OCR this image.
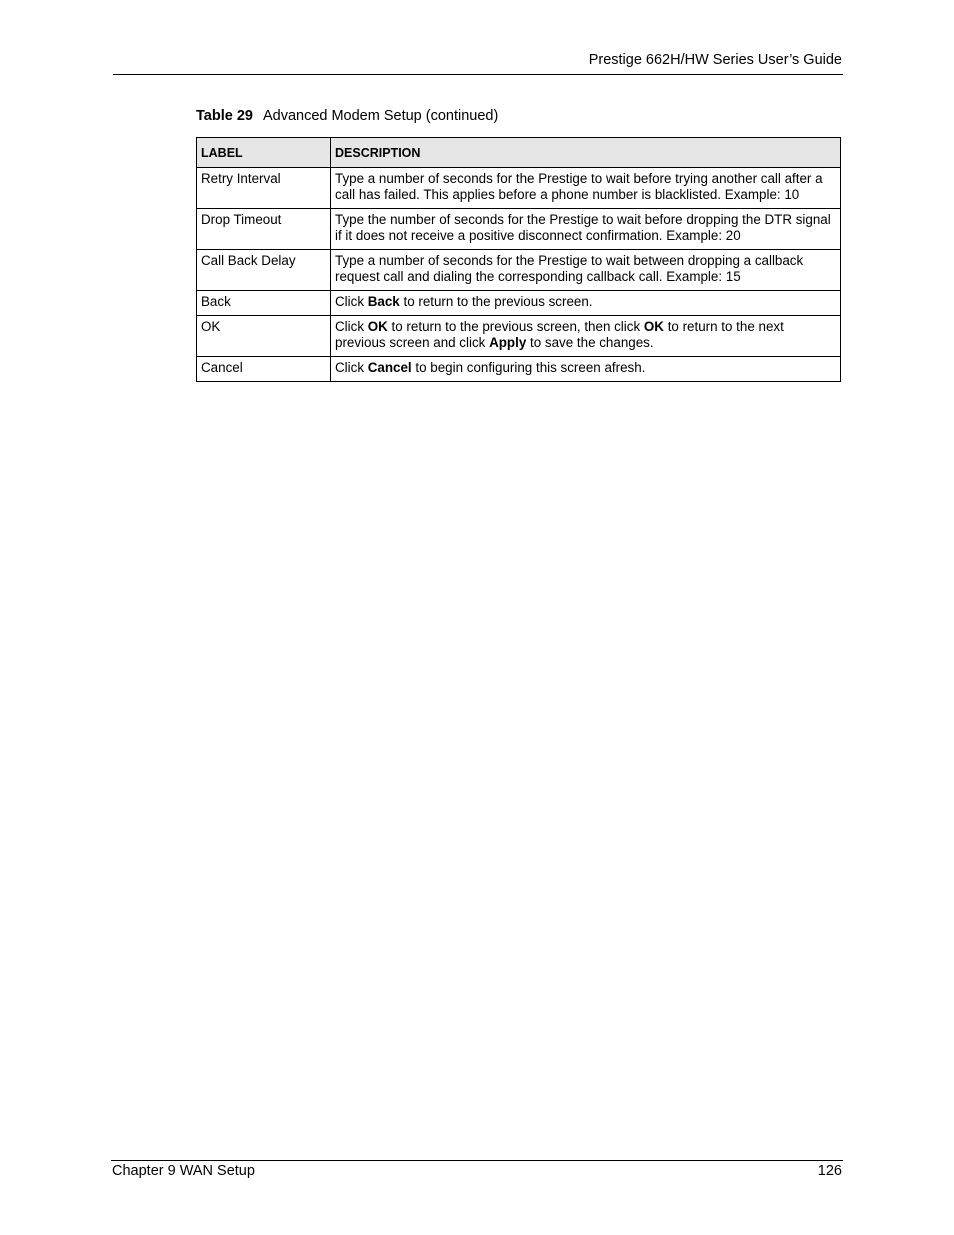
Prestige 662H/HW Series User’s Guide
Table 29 Advanced Modem Setup (continued)
LABEL	DESCRIPTION
Retry Interval	Type a number of seconds for the Prestige to wait before trying another call after a call has failed. This applies before a phone number is blacklisted. Example: 10
Drop Timeout	Type the number of seconds for the Prestige to wait before dropping the DTR signal if it does not receive a positive disconnect confirmation. Example: 20
Call Back Delay	Type a number of seconds for the Prestige to wait between dropping a callback request call and dialing the corresponding callback call. Example: 15
Back	Click Back to return to the previous screen.
OK	Click OK to return to the previous screen, then click OK to return to the next previous screen and click Apply to save the changes.
Cancel	Click Cancel to begin configuring this screen afresh.
Chapter 9 WAN Setup	126
